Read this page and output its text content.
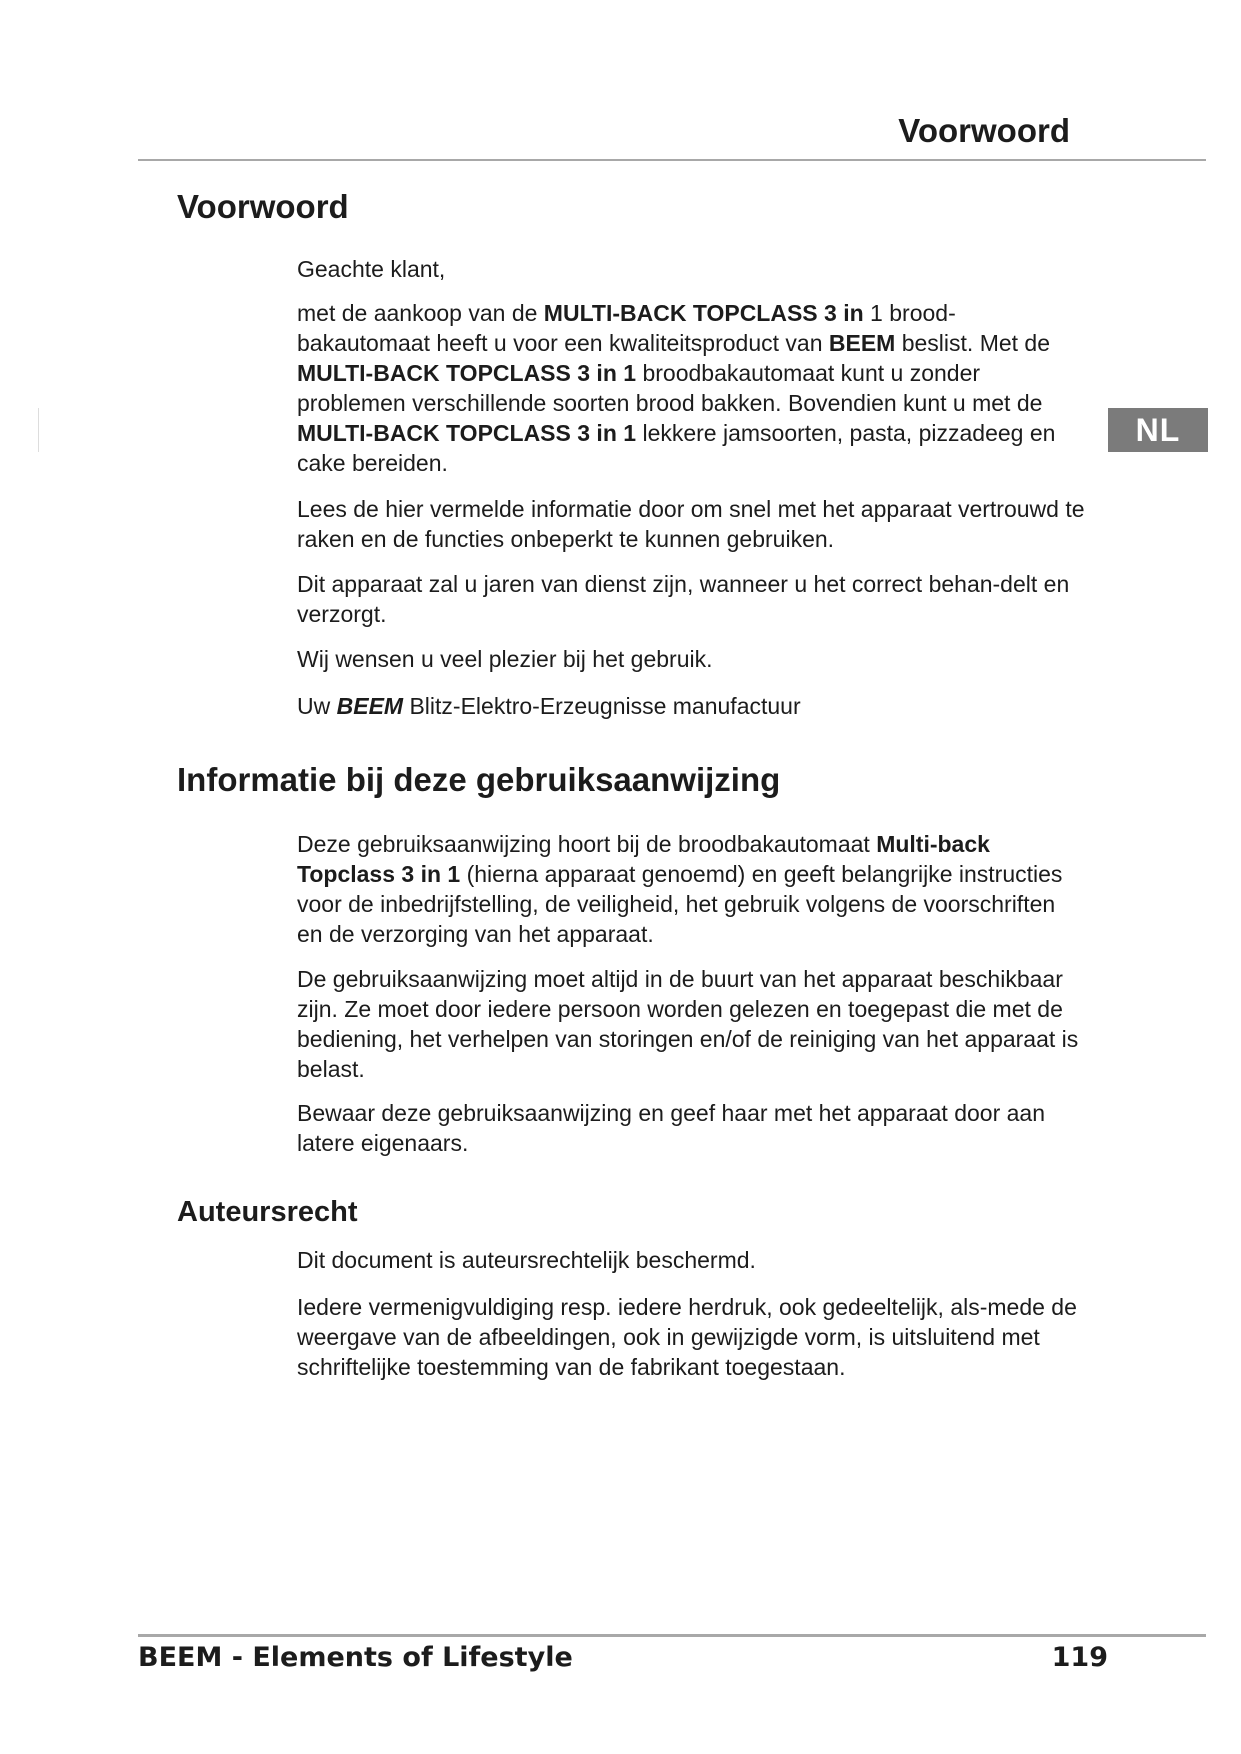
Voorwoord
NL
Voorwoord

Geachte klant,

met de aankoop van de MULTI-BACK TOPCLASS 3 in 1 brood-bakautomaat heeft u voor een kwaliteitsproduct van BEEM beslist. Met de MULTI-BACK TOPCLASS 3 in 1 broodbakautomaat kunt u zonder problemen verschillende soorten brood bakken. Bovendien kunt u met de MULTI-BACK TOPCLASS 3 in 1 lekkere jamsoorten, pasta, pizzadeeg en cake bereiden.

Lees de hier vermelde informatie door om snel met het apparaat vertrouwd te raken en de functies onbeperkt te kunnen gebruiken.

Dit apparaat zal u jaren van dienst zijn, wanneer u het correct behan-delt en verzorgt.

Wij wensen u veel plezier bij het gebruik.

Uw BEEM Blitz-Elektro-Erzeugnisse manufactuur

Informatie bij deze gebruiksaanwijzing

Deze gebruiksaanwijzing hoort bij de broodbakautomaat Multi-back Topclass 3 in 1 (hierna apparaat genoemd) en geeft belangrijke instructies voor de inbedrijfstelling, de veiligheid, het gebruik volgens de voorschriften en de verzorging van het apparaat.

De gebruiksaanwijzing moet altijd in de buurt van het apparaat beschikbaar zijn. Ze moet door iedere persoon worden gelezen en toegepast die met de bediening, het verhelpen van storingen en/of de reiniging van het apparaat is belast.

Bewaar deze gebruiksaanwijzing en geef haar met het apparaat door aan latere eigenaars.

Auteursrecht

Dit document is auteursrechtelijk beschermd.

Iedere vermenigvuldiging resp. iedere herdruk, ook gedeeltelijk, als-mede de weergave van de afbeeldingen, ook in gewijzigde vorm, is uitsluitend met schriftelijke toestemming van de fabrikant toegestaan.

BEEM - Elements of Lifestyle	119
